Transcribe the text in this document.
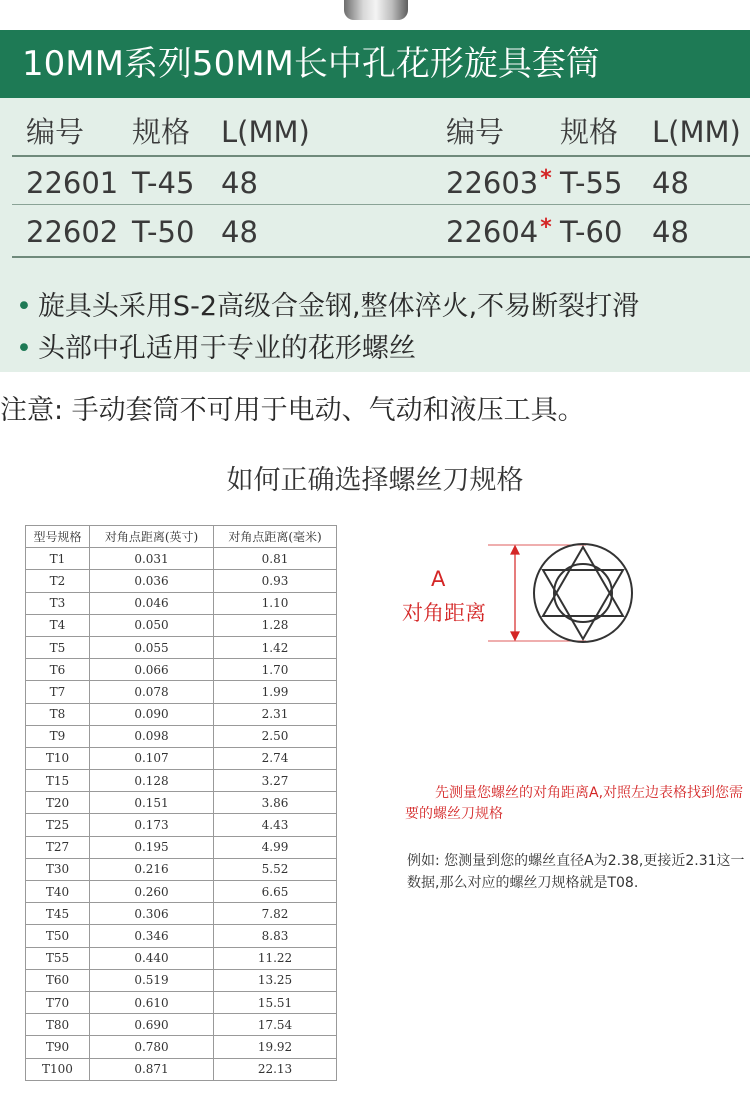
10MM系列50MM长中孔花形旋具套筒
编号 规格 L(MM)	编号 规格 L(MM)
22601 T-45 48	22603* T-55 48
22602 T-50 48	22604* T-60 48
• 旋具头采用S-2高级合金钢,整体淬火,不易断裂打滑
• 头部中孔适用于专业的花形螺丝
注意: 手动套筒不可用于电动、气动和液压工具。
如何正确选择螺丝刀规格
型号规格	对角点距离(英寸)	对角点距离(毫米)
T1	0.031	0.81
T2	0.036	0.93
T3	0.046	1.10
T4	0.050	1.28
T5	0.055	1.42
T6	0.066	1.70
T7	0.078	1.99
T8	0.090	2.31
T9	0.098	2.50
T10	0.107	2.74
T15	0.128	3.27
T20	0.151	3.86
T25	0.173	4.43
T27	0.195	4.99
T30	0.216	5.52
T40	0.260	6.65
T45	0.306	7.82
T50	0.346	8.83
T55	0.440	11.22
T60	0.519	13.25
T70	0.610	15.51
T80	0.690	17.54
T90	0.780	19.92
T100	0.871	22.13
A
对角距离
先测量您螺丝的对角距离A,对照左边表格找到您需要的螺丝刀规格
例如: 您测量到您的螺丝直径A为2.38,更接近2.31这一数据,那么对应的螺丝刀规格就是T08.
